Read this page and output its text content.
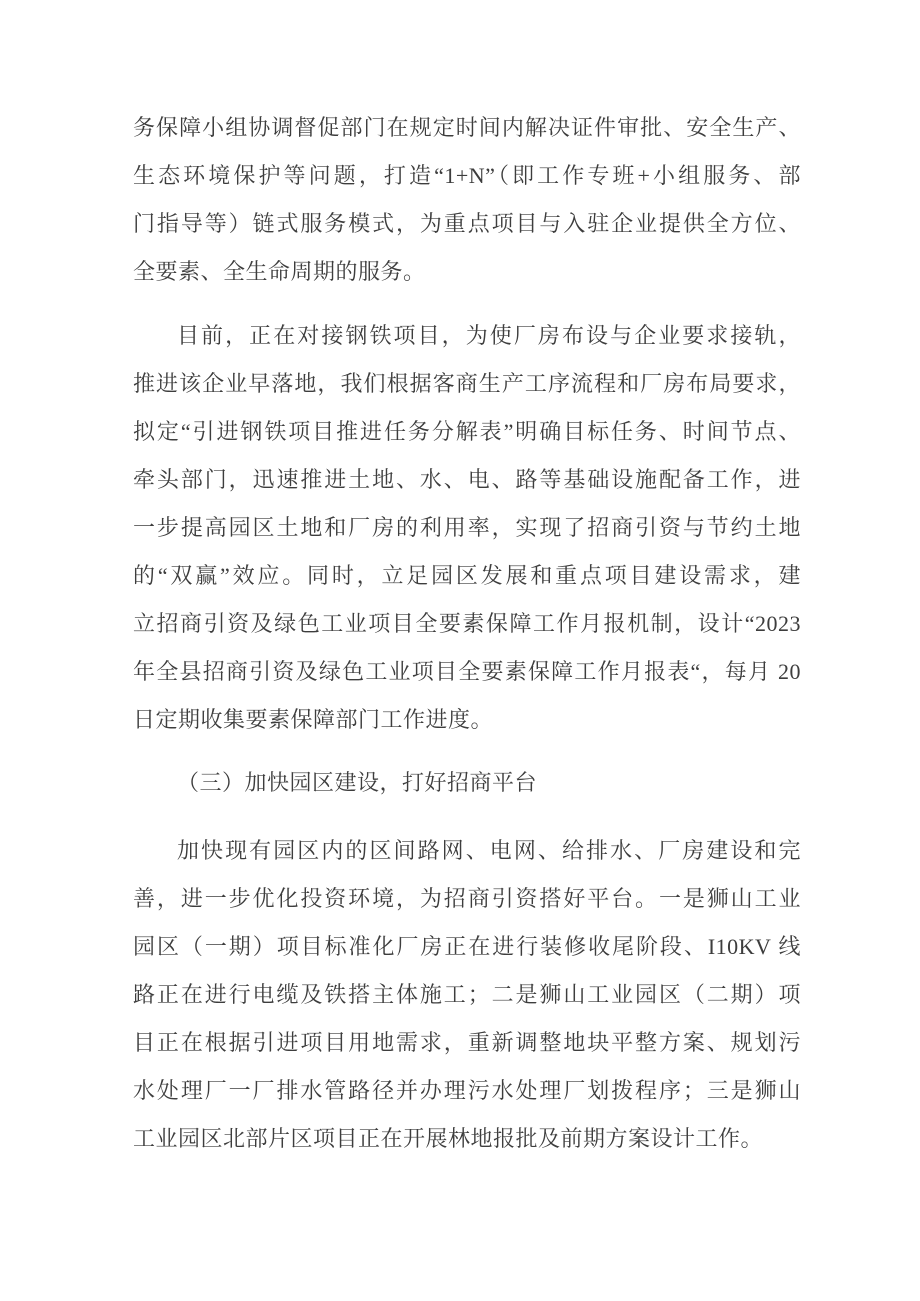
务保障小组协调督促部门在规定时间内解决证件审批、安全生产、
生态环境保护等问题，打造“1+N”（即工作专班+小组服务、部
门指导等）链式服务模式，为重点项目与入驻企业提供全方位、
全要素、全生命周期的服务。
目前，正在对接钢铁项目，为使厂房布设与企业要求接轨，
推进该企业早落地，我们根据客商生产工序流程和厂房布局要求，
拟定“引进钢铁项目推进任务分解表”明确目标任务、时间节点、
牵头部门，迅速推进土地、水、电、路等基础设施配备工作，进
一步提高园区土地和厂房的利用率，实现了招商引资与节约土地
的“双赢”效应。同时，立足园区发展和重点项目建设需求，建
立招商引资及绿色工业项目全要素保障工作月报机制，设计“2023
年全县招商引资及绿色工业项目全要素保障工作月报表“，每月 20
日定期收集要素保障部门工作进度。
（三）加快园区建设，打好招商平台
加快现有园区内的区间路网、电网、给排水、厂房建设和完
善，进一步优化投资环境，为招商引资搭好平台。一是狮山工业
园区（一期）项目标准化厂房正在进行装修收尾阶段、I10KV 线
路正在进行电缆及铁搭主体施工；二是狮山工业园区（二期）项
目正在根据引进项目用地需求，重新调整地块平整方案、规划污
水处理厂一厂排水管路径并办理污水处理厂划拨程序；三是狮山
工业园区北部片区项目正在开展林地报批及前期方案设计工作。
